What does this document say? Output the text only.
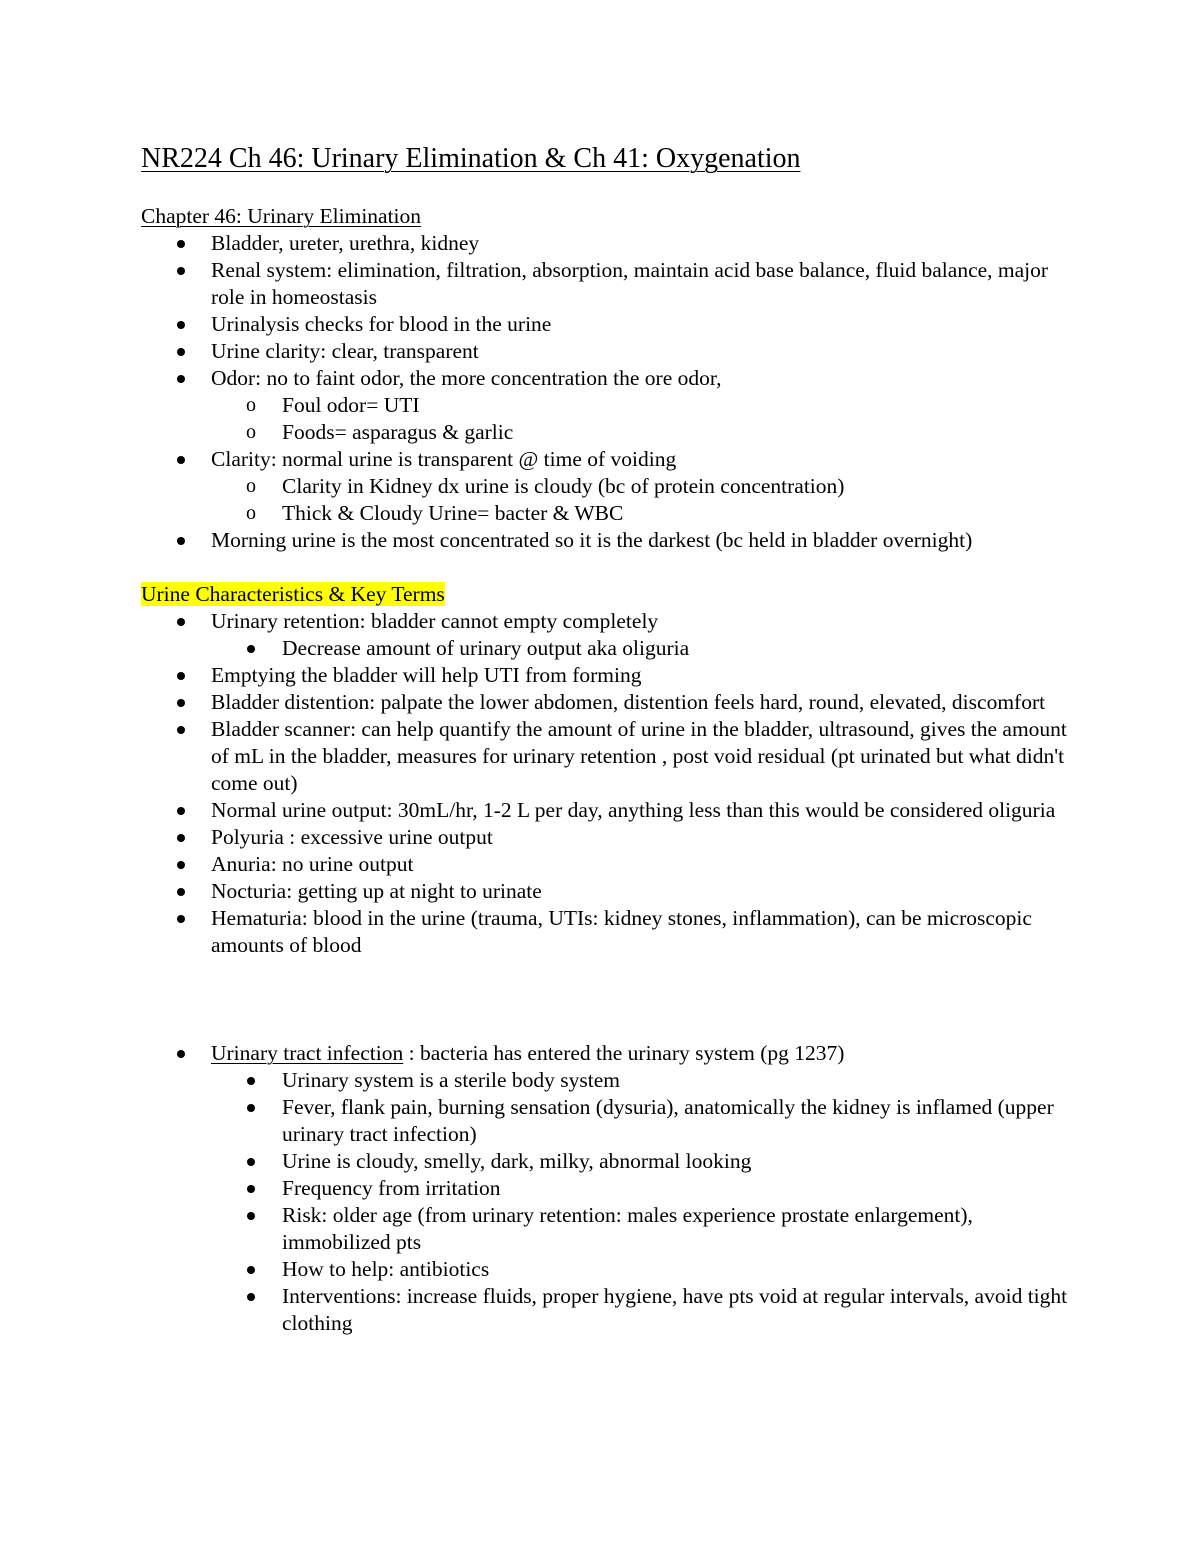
NR224 Ch 46: Urinary Elimination & Ch 41: Oxygenation
Chapter 46: Urinary Elimination
Bladder, ureter, urethra, kidney
Renal system: elimination, filtration, absorption, maintain acid base balance, fluid balance, major role in homeostasis
Urinalysis checks for blood in the urine
Urine clarity: clear, transparent
Odor: no to faint odor, the more concentration the ore odor,
o Foul odor= UTI
o Foods= asparagus & garlic
Clarity: normal urine is transparent @ time of voiding
o Clarity in Kidney dx urine is cloudy (bc of protein concentration)
o Thick & Cloudy Urine= bacter & WBC
Morning urine is the most concentrated so it is the darkest (bc held in bladder overnight)
Urine Characteristics & Key Terms
Urinary retention: bladder cannot empty completely
Decrease amount of urinary output aka oliguria
Emptying the bladder will help UTI from forming
Bladder distention: palpate the lower abdomen, distention feels hard, round, elevated, discomfort
Bladder scanner: can help quantify the amount of urine in the bladder, ultrasound, gives the amount of mL in the bladder, measures for urinary retention , post void residual (pt urinated but what didn't come out)
Normal urine output: 30mL/hr, 1-2 L per day, anything less than this would be considered oliguria
Polyuria : excessive urine output
Anuria: no urine output
Nocturia: getting up at night to urinate
Hematuria: blood in the urine (trauma, UTIs: kidney stones, inflammation), can be microscopic amounts of blood
Urinary tract infection : bacteria has entered the urinary system (pg 1237)
Urinary system is a sterile body system
Fever, flank pain, burning sensation (dysuria), anatomically the kidney is inflamed (upper urinary tract infection)
Urine is cloudy, smelly, dark, milky, abnormal looking
Frequency from irritation
Risk: older age (from urinary retention: males experience prostate enlargement), immobilized pts
How to help: antibiotics
Interventions: increase fluids, proper hygiene, have pts void at regular intervals, avoid tight clothing
